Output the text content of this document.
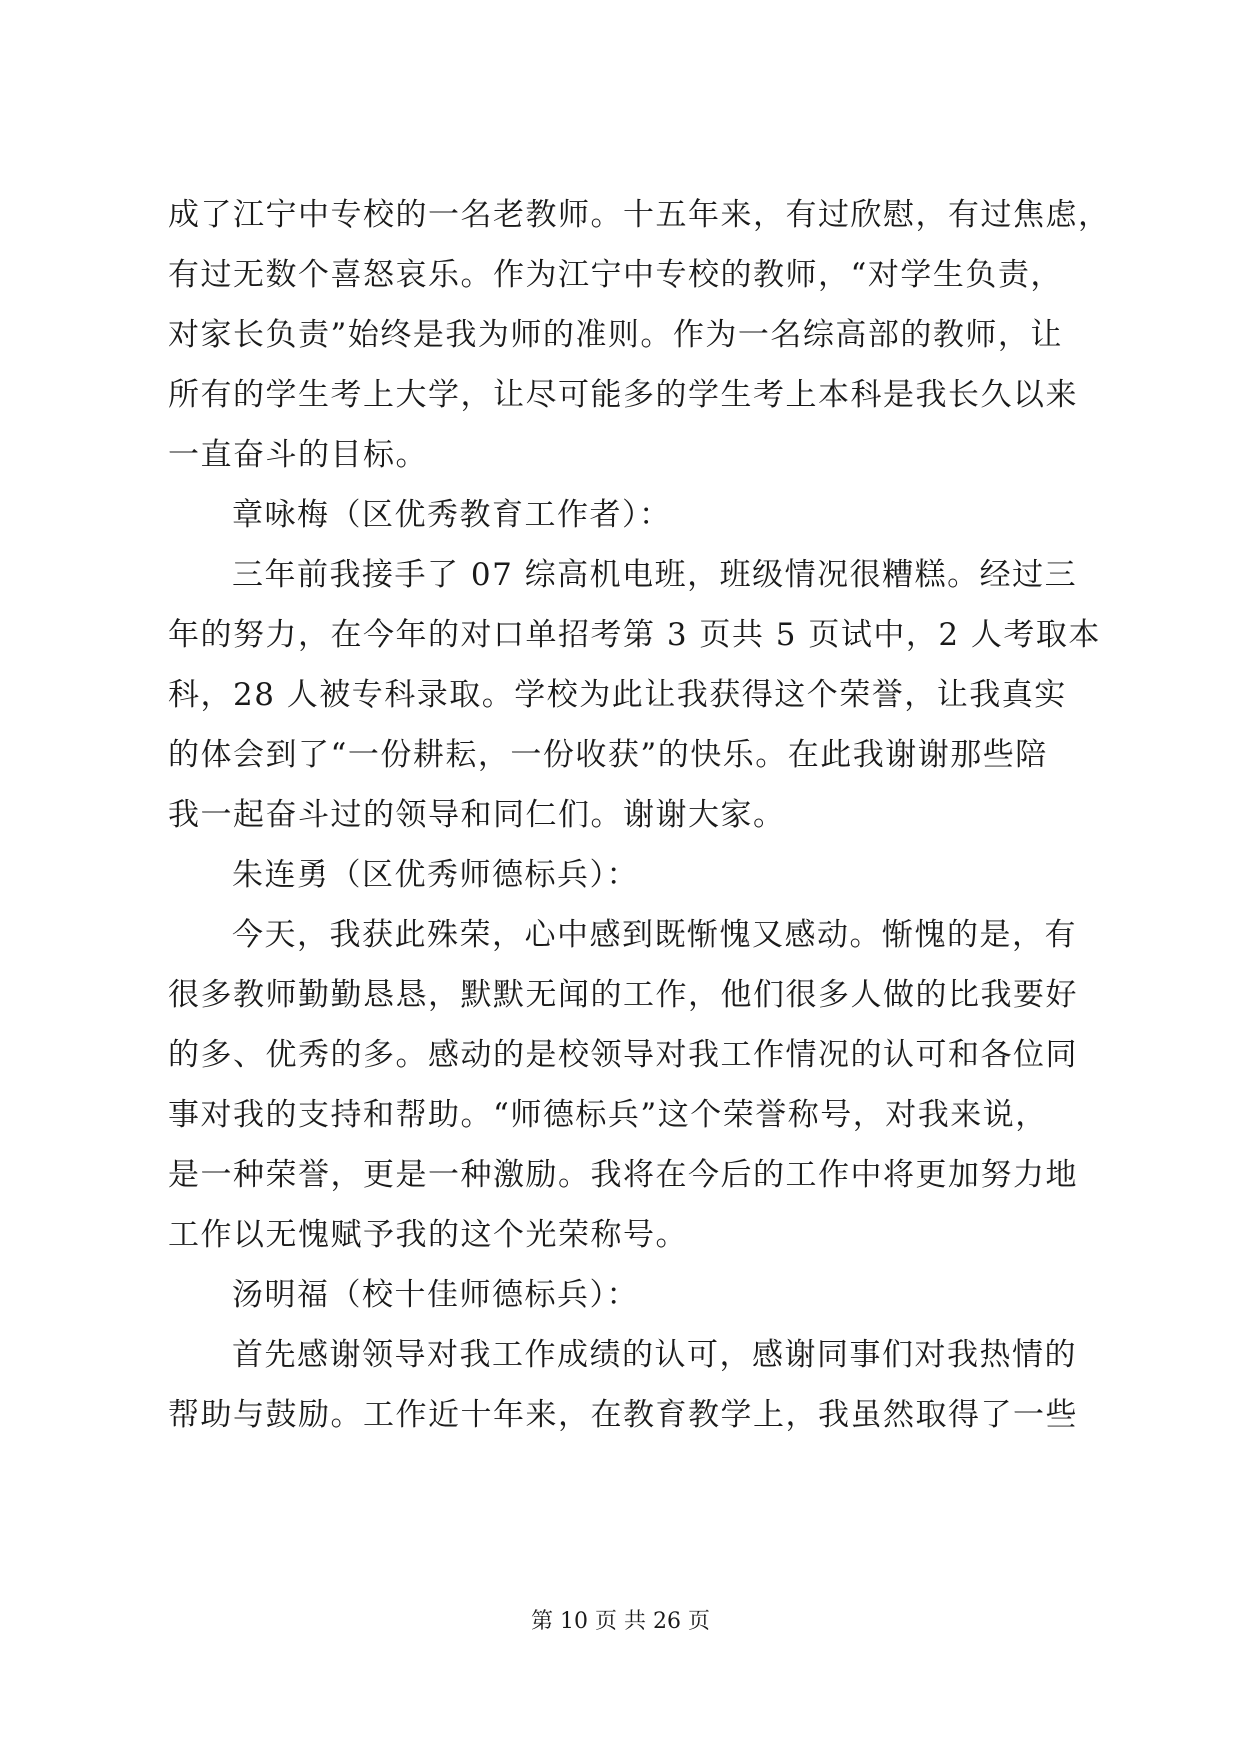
成了江宁中专校的一名老教师。十五年来，有过欣慰，有过焦虑，
有过无数个喜怒哀乐。作为江宁中专校的教师，“对学生负责，
对家长负责”始终是我为师的准则。作为一名综高部的教师，让
所有的学生考上大学，让尽可能多的学生考上本科是我长久以来
一直奋斗的目标。
章咏梅（区优秀教育工作者）：
三年前我接手了 07 综高机电班，班级情况很糟糕。经过三
年的努力，在今年的对口单招考第 3 页共 5 页试中，2 人考取本
科，28 人被专科录取。学校为此让我获得这个荣誉，让我真实
的体会到了“一份耕耘，一份收获”的快乐。在此我谢谢那些陪
我一起奋斗过的领导和同仁们。谢谢大家。
朱连勇（区优秀师德标兵）：
今天，我获此殊荣，心中感到既惭愧又感动。惭愧的是，有
很多教师勤勤恳恳，默默无闻的工作，他们很多人做的比我要好
的多、优秀的多。感动的是校领导对我工作情况的认可和各位同
事对我的支持和帮助。“师德标兵”这个荣誉称号，对我来说，
是一种荣誉，更是一种激励。我将在今后的工作中将更加努力地
工作以无愧赋予我的这个光荣称号。
汤明福（校十佳师德标兵）：
首先感谢领导对我工作成绩的认可，感谢同事们对我热情的
帮助与鼓励。工作近十年来，在教育教学上，我虽然取得了一些
第 10 页 共 26 页
